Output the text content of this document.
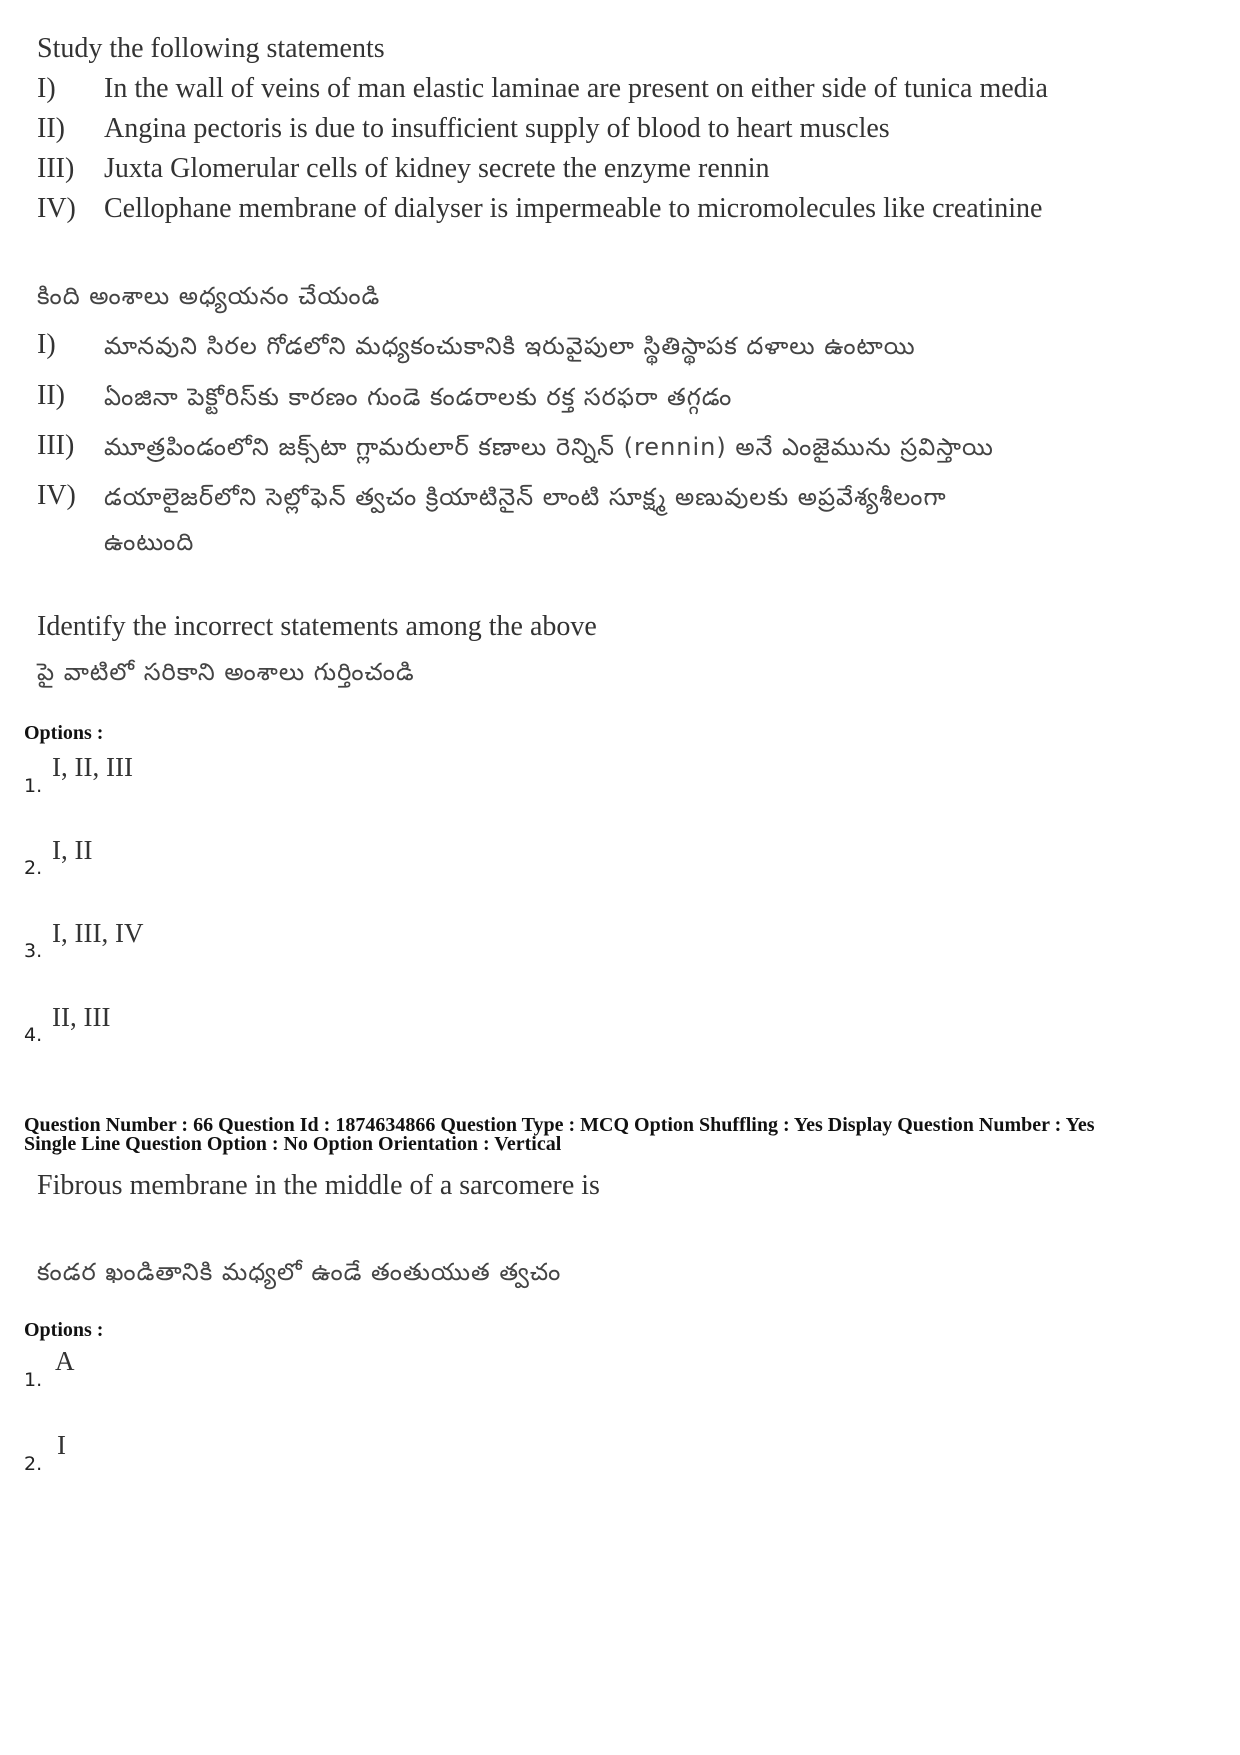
Study the following statements
I) In the wall of veins of man elastic laminae are present on either side of tunica media
II) Angina pectoris is due to insufficient supply of blood to heart muscles
III) Juxta Glomerular cells of kidney secrete the enzyme rennin
IV) Cellophane membrane of dialyser is impermeable to micromolecules like creatinine
కింది అంశాలు అధ్యయనం చేయండి
I) మానవుని సిరల గోడలోని మధ్యకంచుకానికి ఇరువైపులా స్థితిస్థాపక దళాలు ఉంటాయి
II) ఏంజినా పెక్టోరిస్‌కు కారణం గుండె కండరాలకు రక్త సరఫరా తగ్గడం
III) మూత్రపిండంలోని జక్స్‌టా గ్లామరులార్ కణాలు రెన్నిన్ (rennin) అనే ఎంజైమును స్రవిస్తాయి
IV) డయాలైజర్‌లోని సెల్లోఫెన్ త్వచం క్రియాటినైన్ లాంటి సూక్ష్మ అణువులకు అప్రవేశ్యశీలంగా
ఉంటుంది
Identify the incorrect statements among the above
పై వాటిలో సరికాని అంశాలు గుర్తించండి
Options :
1.
I, II, III
2.
I, II
3.
I, III, IV
4.
II, III
Question Number : 66 Question Id : 1874634866 Question Type : MCQ Option Shuffling : Yes Display Question Number : Yes
Single Line Question Option : No Option Orientation : Vertical
Fibrous membrane in the middle of a sarcomere is
కండర ఖండితానికి మధ్యలో ఉండే తంతుయుత త్వచం
Options :
1.
A
2.
I
